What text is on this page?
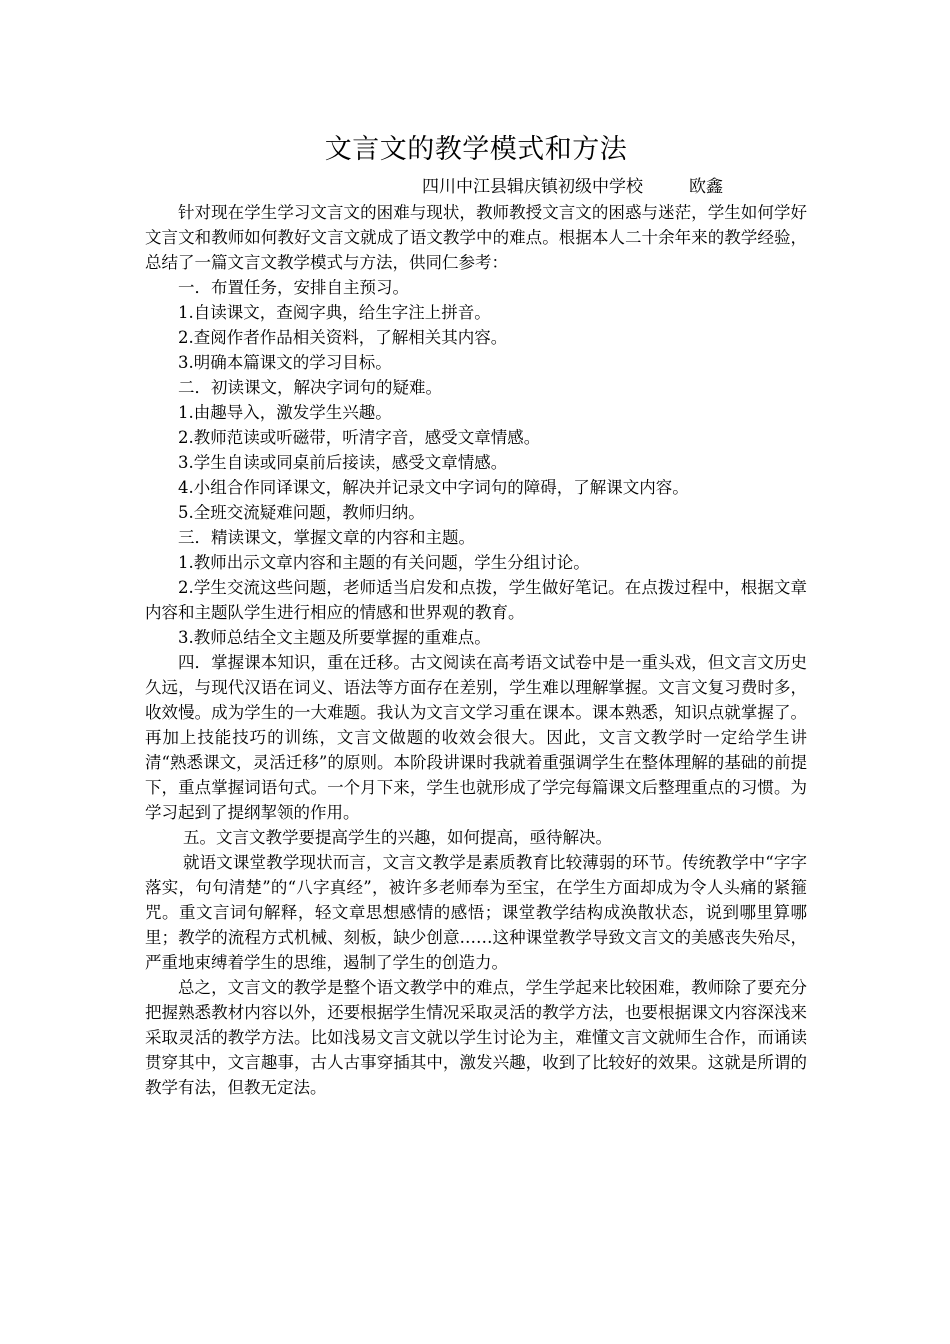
文言文的教学模式和方法
四川中江县辑庆镇初级中学校	欧鑫

针对现在学生学习文言文的困难与现状，教师教授文言文的困惑与迷茫，学生如何学好文言文和教师如何教好文言文就成了语文教学中的难点。根据本人二十余年来的教学经验，总结了一篇文言文教学模式与方法，供同仁参考：

一．布置任务，安排自主预习。

1.自读课文，查阅字典，给生字注上拼音。

2.查阅作者作品相关资料，了解相关其内容。

3.明确本篇课文的学习目标。

二．初读课文，解决字词句的疑难。

1.由趣导入，激发学生兴趣。

2.教师范读或听磁带，听清字音，感受文章情感。

3.学生自读或同桌前后接读，感受文章情感。

4.小组合作同译课文，解决并记录文中字词句的障碍，了解课文内容。

5.全班交流疑难问题，教师归纳。

三．精读课文，掌握文章的内容和主题。

1.教师出示文章内容和主题的有关问题，学生分组讨论。

2.学生交流这些问题，老师适当启发和点拨，学生做好笔记。在点拨过程中，根据文章内容和主题队学生进行相应的情感和世界观的教育。

3.教师总结全文主题及所要掌握的重难点。

四．掌握课本知识，重在迁移。古文阅读在高考语文试卷中是一重头戏，但文言文历史久远，与现代汉语在词义、语法等方面存在差别，学生难以理解掌握。文言文复习费时多，收效慢。成为学生的一大难题。我认为文言文学习重在课本。课本熟悉，知识点就掌握了。再加上技能技巧的训练，文言文做题的收效会很大。因此，文言文教学时一定给学生讲清“熟悉课文，灵活迁移”的原则。本阶段讲课时我就着重强调学生在整体理解的基础的前提下，重点掌握词语句式。一个月下来，学生也就形成了学完每篇课文后整理重点的习惯。为学习起到了提纲挈领的作用。

五。文言文教学要提高学生的兴趣，如何提高，亟待解决。

就语文课堂教学现状而言，文言文教学是素质教育比较薄弱的环节。传统教学中“字字落实，句句清楚”的“八字真经”，被许多老师奉为至宝，在学生方面却成为令人头痛的紧箍咒。重文言词句解释，轻文章思想感情的感悟；课堂教学结构成涣散状态，说到哪里算哪里；教学的流程方式机械、刻板，缺少创意……这种课堂教学导致文言文的美感丧失殆尽，严重地束缚着学生的思维，遏制了学生的创造力。

总之，文言文的教学是整个语文教学中的难点，学生学起来比较困难，教师除了要充分把握熟悉教材内容以外，还要根据学生情况采取灵活的教学方法，也要根据课文内容深浅来采取灵活的教学方法。比如浅易文言文就以学生讨论为主，难懂文言文就师生合作，而诵读贯穿其中，文言趣事，古人古事穿插其中，激发兴趣，收到了比较好的效果。这就是所谓的教学有法，但教无定法。
